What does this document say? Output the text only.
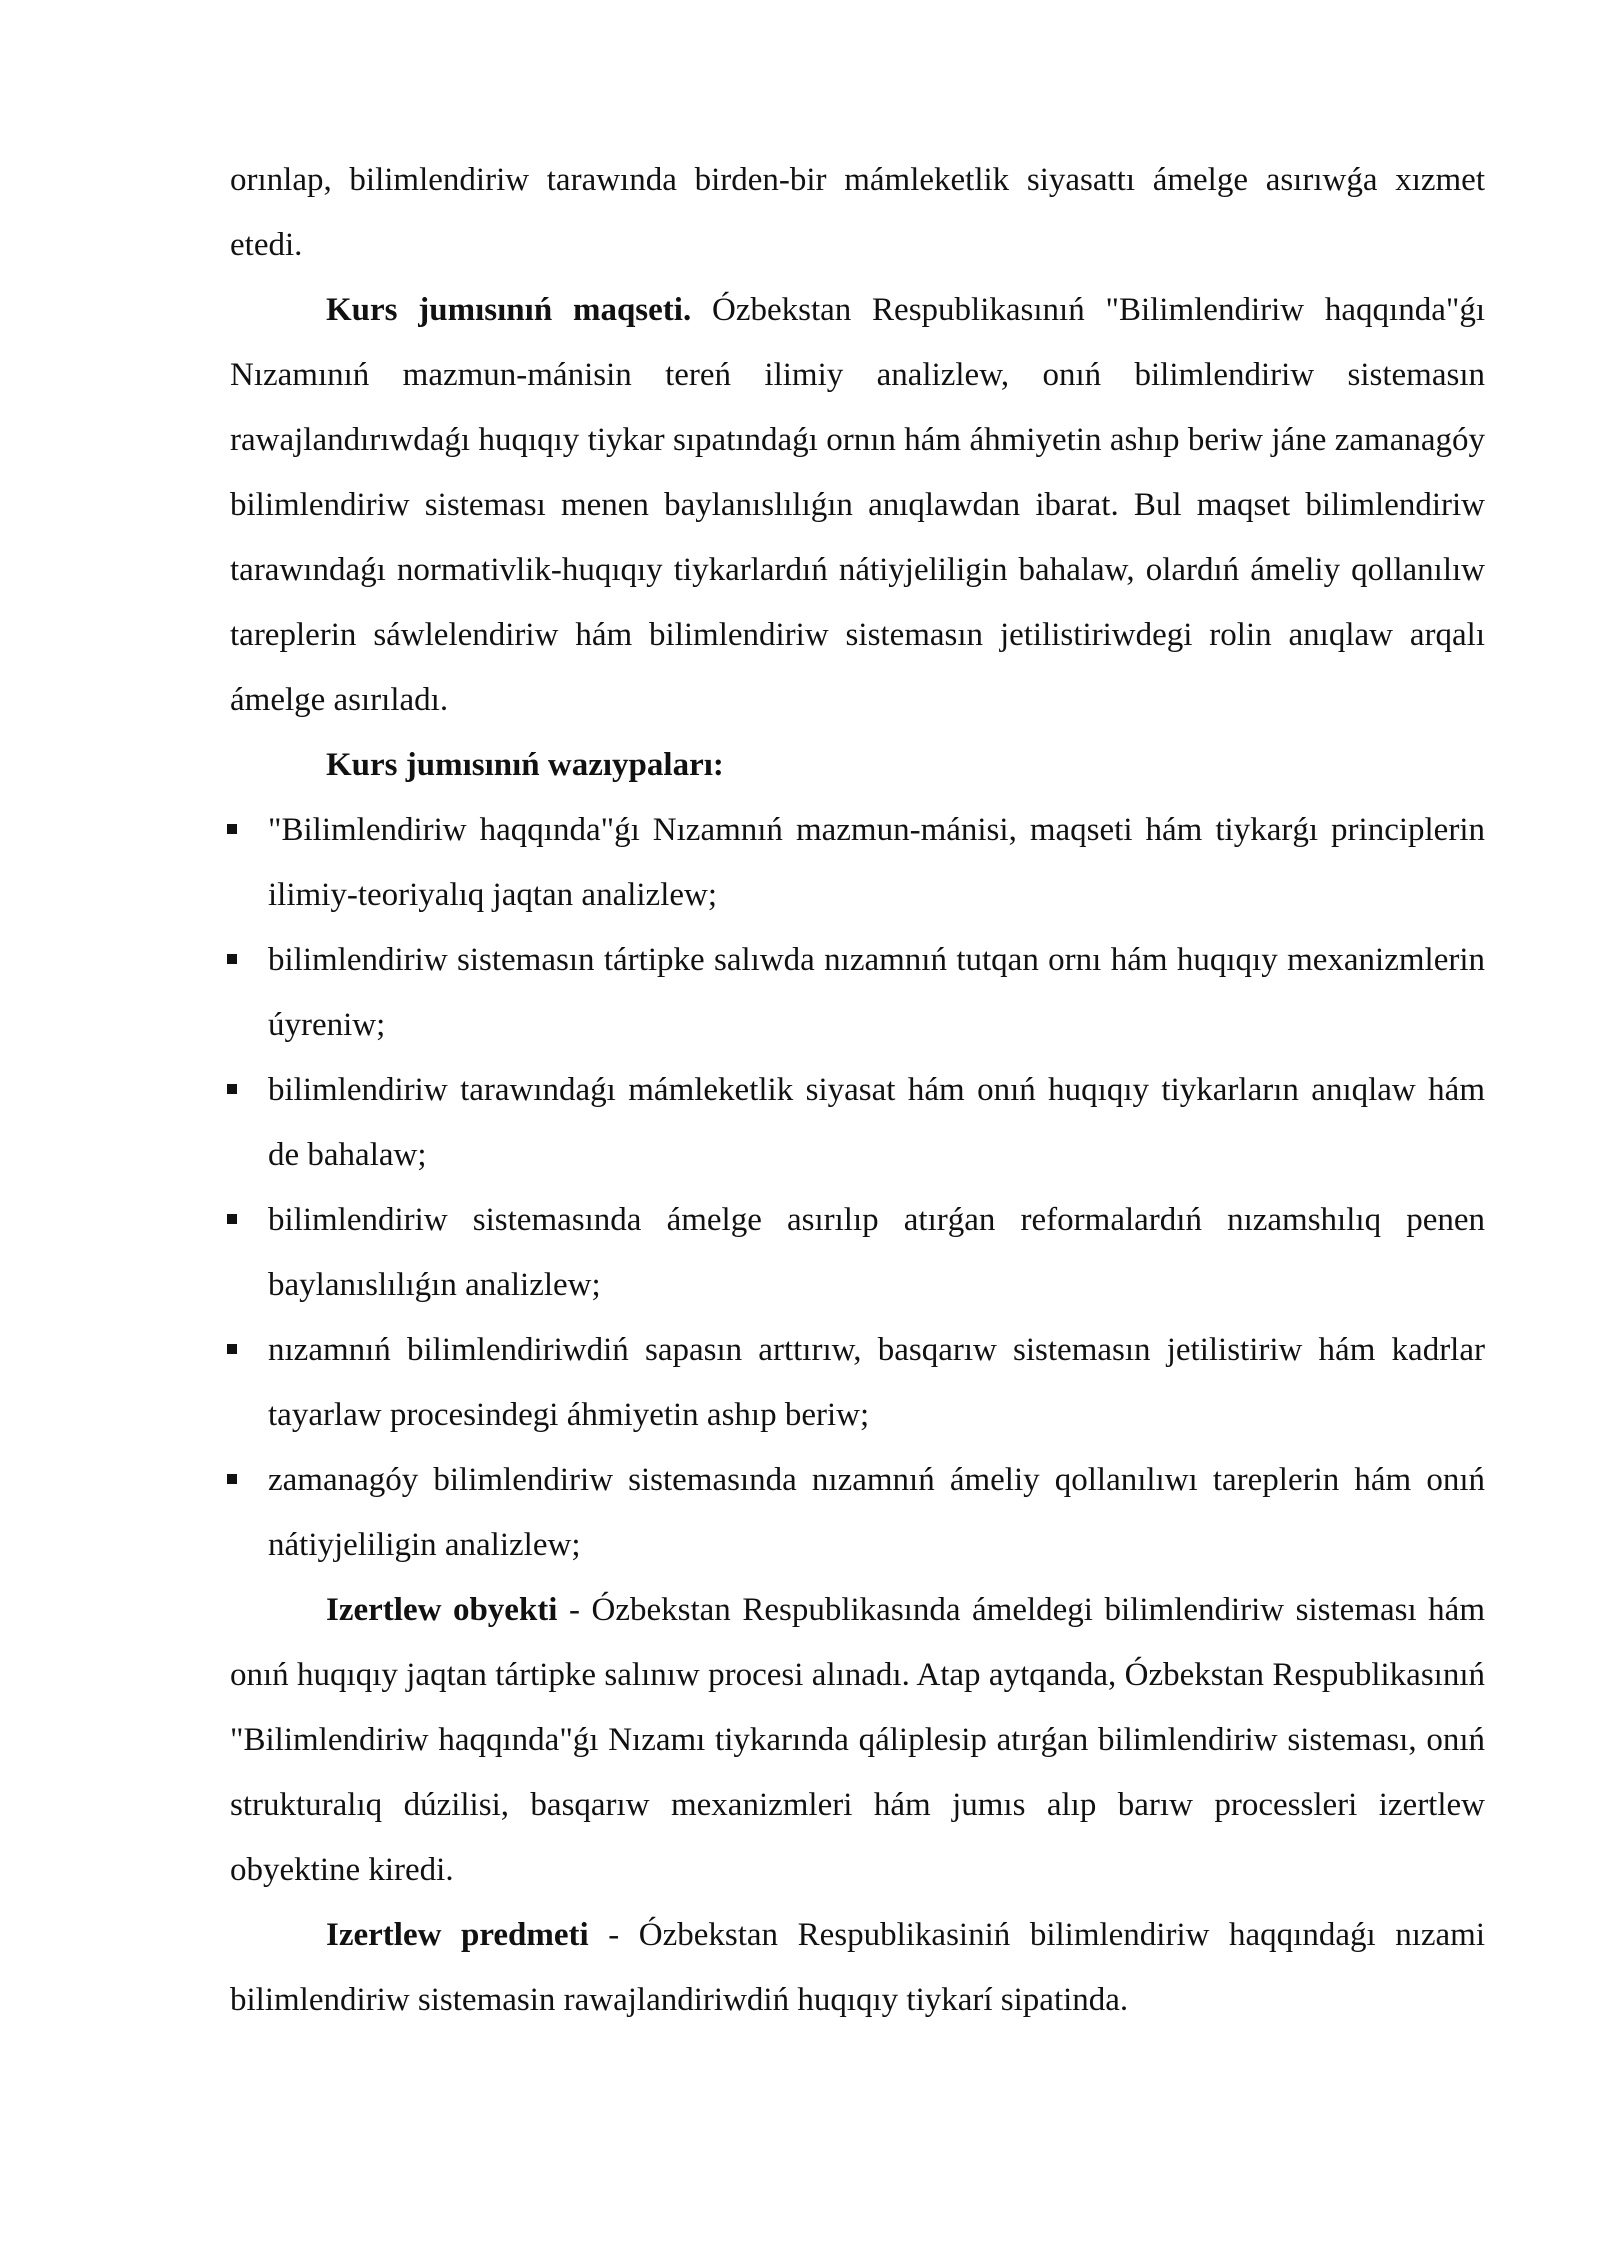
orınlap, bilimlendiriw tarawında birden-bir mámleketlik siyasattı ámelge asırıwǵa xızmet etedi.

Kurs jumısınıń maqseti. Ózbekstan Respublikasınıń "Bilimlendiriw haqqında"ǵı Nızamınıń mazmun-mánisin tereń ilimiy analizlew, onıń bilimlendiriw sistemasın rawajlandırıwdaǵı huqıqıy tiykar sıpatındaǵı ornın hám áhmiyetin ashıp beriw jáne zamanagóy bilimlendiriw sisteması menen baylanıslılıǵın anıqlawdan ibarat. Bul maqset bilimlendiriw tarawındaǵı normativlik-huqıqıy tiykarlardıń nátiyjeliligin bahalaw, olardıń ámeliy qollanılıw tareplerin sáwlelendiriw hám bilimlendiriw sistemasın jetilistiriwdegi rolin anıqlaw arqalı ámelge asırıladı.

Kurs jumısınıń wazıypaları:

"Bilimlendiriw haqqında"ǵı Nızamnıń mazmun-mánisi, maqseti hám tiykarǵı principlerin ilimiy-teoriyalıq jaqtan analizlew;
bilimlendiriw sistemasın tártipke salıwda nızamnıń tutqan ornı hám huqıqıy mexanizmlerin úyreniw;
bilimlendiriw tarawındaǵı mámleketlik siyasat hám onıń huqıqıy tiykarların anıqlaw hám de bahalaw;
bilimlendiriw sistemasında ámelge asırılıp atırǵan reformalardıń nızamshılıq penen baylanıslılıǵın analizlew;
nızamnıń bilimlendiriwdiń sapasın arttırıw, basqarıw sistemasın jetilistiriw hám kadrlar tayarlaw procesindegi áhmiyetin ashıp beriw;
zamanagóy bilimlendiriw sistemasında nızamnıń ámeliy qollanılıwı tareplerin hám onıń nátiyjeliligin analizlew;

Izertlew obyekti - Ózbekstan Respublikasında ámeldegi bilimlendiriw sisteması hám onıń huqıqıy jaqtan tártipke salınıw procesi alınadı. Atap aytqanda, Ózbekstan Respublikasınıń "Bilimlendiriw haqqında"ǵı Nızamı tiykarında qáliplesip atırǵan bilimlendiriw sisteması, onıń strukturalıq dúzilisi, basqarıw mexanizmleri hám jumıs alıp barıw processleri izertlew obyektine kiredi.

Izertlew predmeti - Ózbekstan Respublikasiniń bilimlendiriw haqqındaǵı nızami bilimlendiriw sistemasin rawajlandiriwdiń huqıqıy tiykarí sipatinda.
